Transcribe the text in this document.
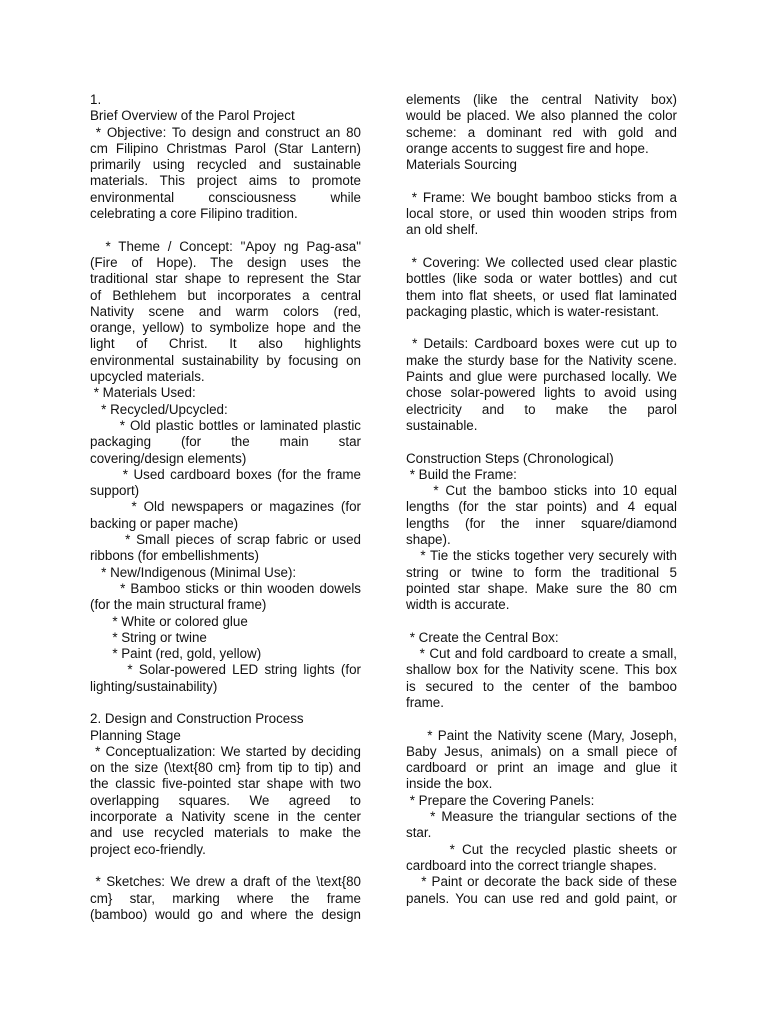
1.
Brief Overview of the Parol Project
* Objective: To design and construct an 80
cm Filipino Christmas Parol (Star Lantern)
primarily using recycled and sustainable
materials. This project aims to promote
environmental consciousness while
celebrating a core Filipino tradition.
* Theme / Concept: "Apoy ng Pag-asa"
(Fire of Hope). The design uses the
traditional star shape to represent the Star
of Bethlehem but incorporates a central
Nativity scene and warm colors (red,
orange, yellow) to symbolize hope and the
light of Christ. It also highlights
environmental sustainability by focusing on
upcycled materials.
* Materials Used:
* Recycled/Upcycled:
* Old plastic bottles or laminated plastic
packaging (for the main star
covering/design elements)
* Used cardboard boxes (for the frame
support)
* Old newspapers or magazines (for
backing or paper mache)
* Small pieces of scrap fabric or used
ribbons (for embellishments)
* New/Indigenous (Minimal Use):
* Bamboo sticks or thin wooden dowels
(for the main structural frame)
* White or colored glue
* String or twine
* Paint (red, gold, yellow)
* Solar-powered LED string lights (for
lighting/sustainability)
2. Design and Construction Process
Planning Stage
* Conceptualization: We started by deciding
on the size (\text{80 cm} from tip to tip) and
the classic five-pointed star shape with two
overlapping squares. We agreed to
incorporate a Nativity scene in the center
and use recycled materials to make the
project eco-friendly.
* Sketches: We drew a draft of the \text{80
cm} star, marking where the frame
(bamboo) would go and where the design
elements (like the central Nativity box)
would be placed. We also planned the color
scheme: a dominant red with gold and
orange accents to suggest fire and hope.
Materials Sourcing
* Frame: We bought bamboo sticks from a
local store, or used thin wooden strips from
an old shelf.
* Covering: We collected used clear plastic
bottles (like soda or water bottles) and cut
them into flat sheets, or used flat laminated
packaging plastic, which is water-resistant.
* Details: Cardboard boxes were cut up to
make the sturdy base for the Nativity scene.
Paints and glue were purchased locally. We
chose solar-powered lights to avoid using
electricity and to make the parol
sustainable.
Construction Steps (Chronological)
* Build the Frame:
* Cut the bamboo sticks into 10 equal
lengths (for the star points) and 4 equal
lengths (for the inner square/diamond
shape).
* Tie the sticks together very securely with
string or twine to form the traditional 5
pointed star shape. Make sure the 80 cm
width is accurate.
* Create the Central Box:
* Cut and fold cardboard to create a small,
shallow box for the Nativity scene. This box
is secured to the center of the bamboo
frame.
* Paint the Nativity scene (Mary, Joseph,
Baby Jesus, animals) on a small piece of
cardboard or print an image and glue it
inside the box.
* Prepare the Covering Panels:
* Measure the triangular sections of the
star.
* Cut the recycled plastic sheets or
cardboard into the correct triangle shapes.
* Paint or decorate the back side of these
panels. You can use red and gold paint, or
